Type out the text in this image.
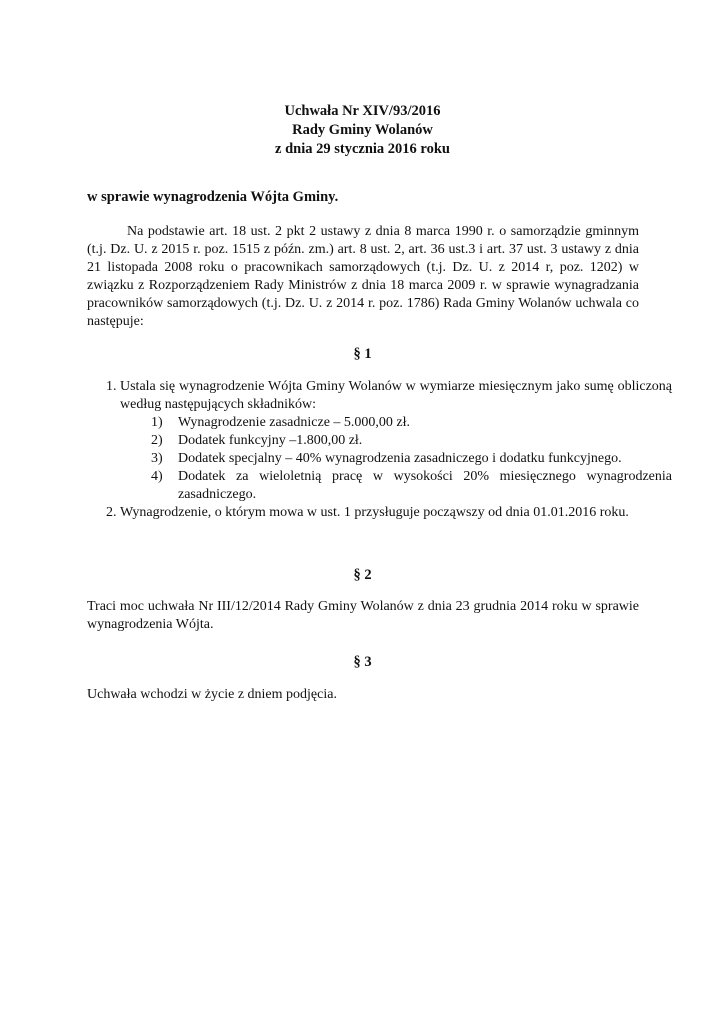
Uchwała Nr XIV/93/2016
Rady Gminy Wolanów
z dnia 29 stycznia 2016 roku
w sprawie wynagrodzenia Wójta Gminy.
Na podstawie art. 18 ust. 2 pkt 2 ustawy z dnia 8 marca 1990 r. o samorządzie gminnym (t.j. Dz. U. z 2015 r. poz. 1515 z późn. zm.) art. 8 ust. 2, art. 36 ust.3 i art. 37 ust. 3 ustawy z dnia 21 listopada 2008 roku o pracownikach samorządowych (t.j. Dz. U. z 2014 r, poz. 1202) w związku z Rozporządzeniem Rady Ministrów z dnia 18 marca 2009 r. w sprawie wynagradzania pracowników samorządowych (t.j. Dz. U. z 2014 r. poz. 1786) Rada Gminy Wolanów uchwala co następuje:
§ 1
1. Ustala się wynagrodzenie Wójta Gminy Wolanów w wymiarze miesięcznym jako sumę obliczoną według następujących składników:
1) Wynagrodzenie zasadnicze – 5.000,00 zł.
2) Dodatek funkcyjny –1.800,00 zł.
3) Dodatek specjalny – 40% wynagrodzenia zasadniczego i dodatku funkcyjnego.
4) Dodatek za wieloletnią pracę w wysokości 20% miesięcznego wynagrodzenia zasadniczego.
2. Wynagrodzenie, o którym mowa w ust. 1 przysługuje począwszy od dnia 01.01.2016 roku.
§ 2
Traci moc uchwała Nr III/12/2014 Rady Gminy Wolanów z dnia 23 grudnia 2014 roku w sprawie wynagrodzenia Wójta.
§ 3
Uchwała wchodzi w życie z dniem podjęcia.
